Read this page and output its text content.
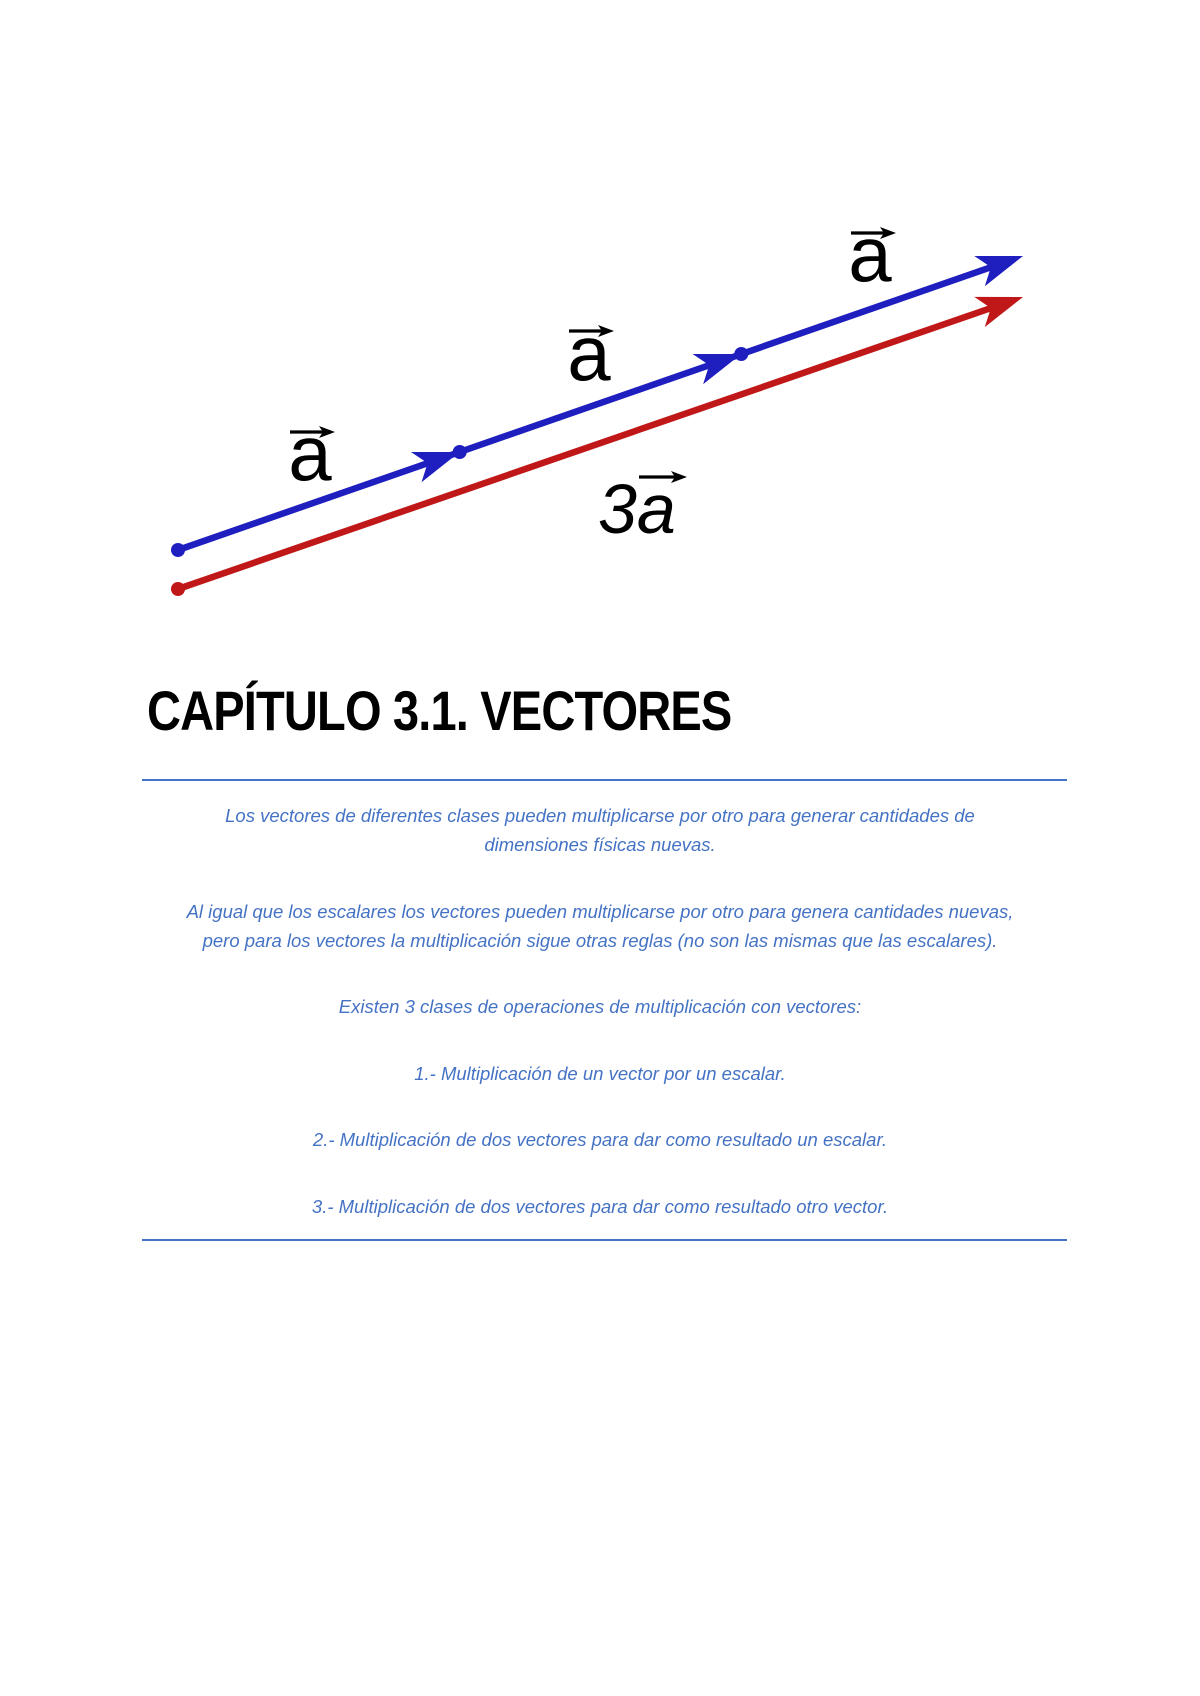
a
a
a
3a
CAPÍTULO 3.1. VECTORES
Los vectores de diferentes clases pueden multiplicarse por otro para generar cantidades de
dimensiones físicas nuevas.
Al igual que los escalares los vectores pueden multiplicarse por otro para genera cantidades nuevas,
pero para los vectores la multiplicación sigue otras reglas (no son las mismas que las escalares).
Existen 3 clases de operaciones de multiplicación con vectores:
1.- Multiplicación de un vector por un escalar.
2.- Multiplicación de dos vectores para dar como resultado un escalar.
3.- Multiplicación de dos vectores para dar como resultado otro vector.
